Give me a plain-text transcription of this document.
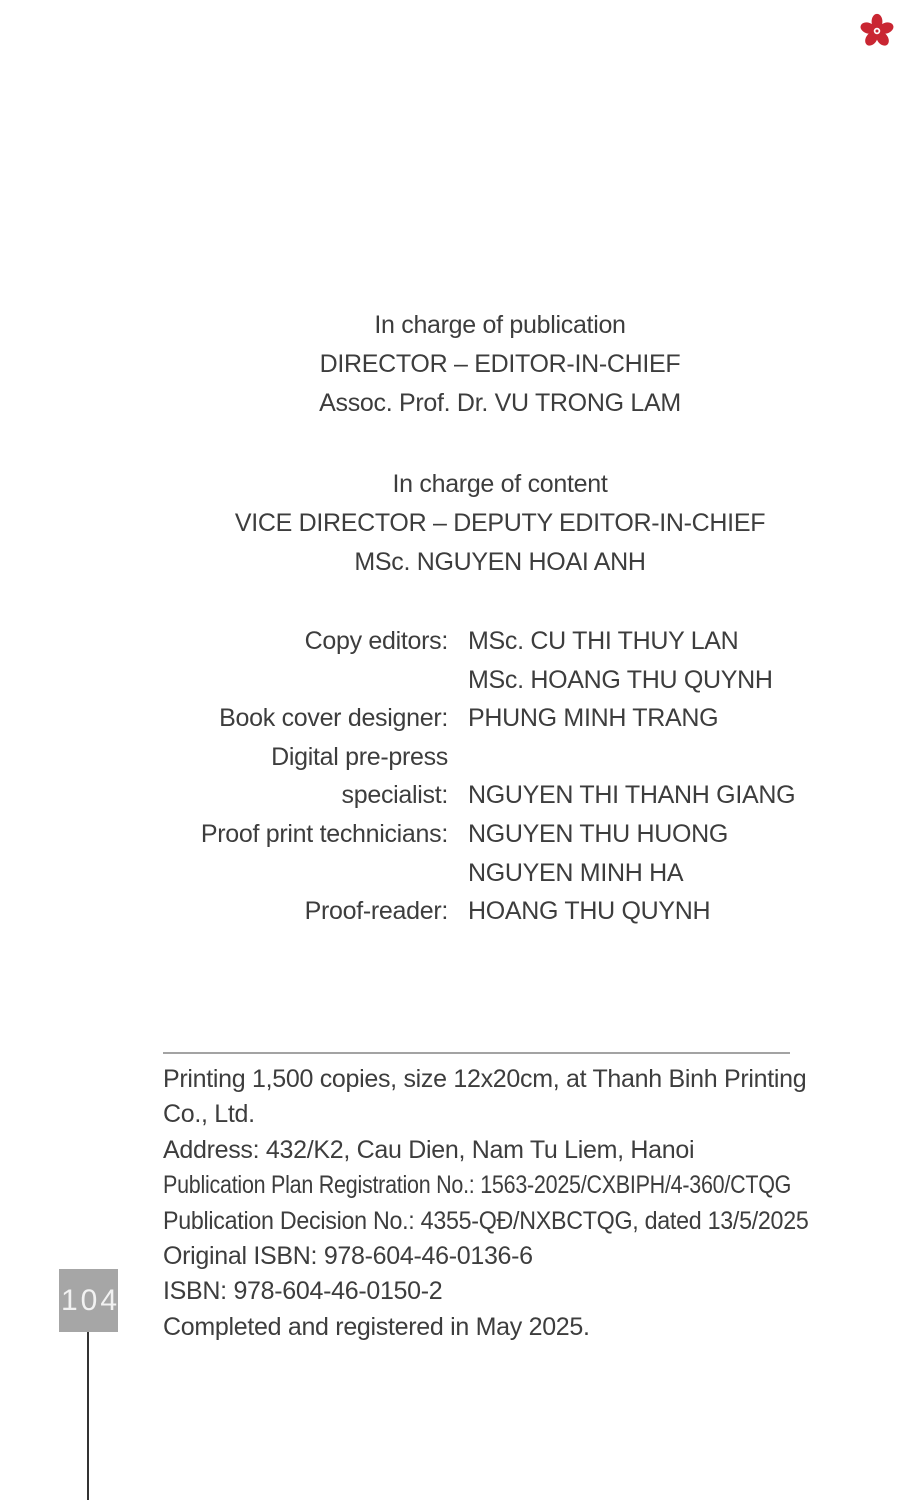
In charge of publication
DIRECTOR – EDITOR-IN-CHIEF
Assoc. Prof. Dr. VU TRONG LAM
In charge of content
VICE DIRECTOR – DEPUTY EDITOR-IN-CHIEF
MSc. NGUYEN HOAI ANH
Copy editors: MSc. CU THI THUY LAN
MSc. HOANG THU QUYNH
Book cover designer: PHUNG MINH TRANG
Digital pre-press
specialist: NGUYEN THI THANH GIANG
Proof print technicians: NGUYEN THU HUONG
NGUYEN MINH HA
Proof-reader: HOANG THU QUYNH
Printing 1,500 copies, size 12x20cm, at Thanh Binh Printing
Co., Ltd.
Address: 432/K2, Cau Dien, Nam Tu Liem, Hanoi
Publication Plan Registration No.: 1563-2025/CXBIPH/4-360/CTQG
Publication Decision No.: 4355-QĐ/NXBCTQG, dated 13/5/2025
Original ISBN: 978-604-46-0136-6
ISBN: 978-604-46-0150-2
Completed and registered in May 2025.
104
